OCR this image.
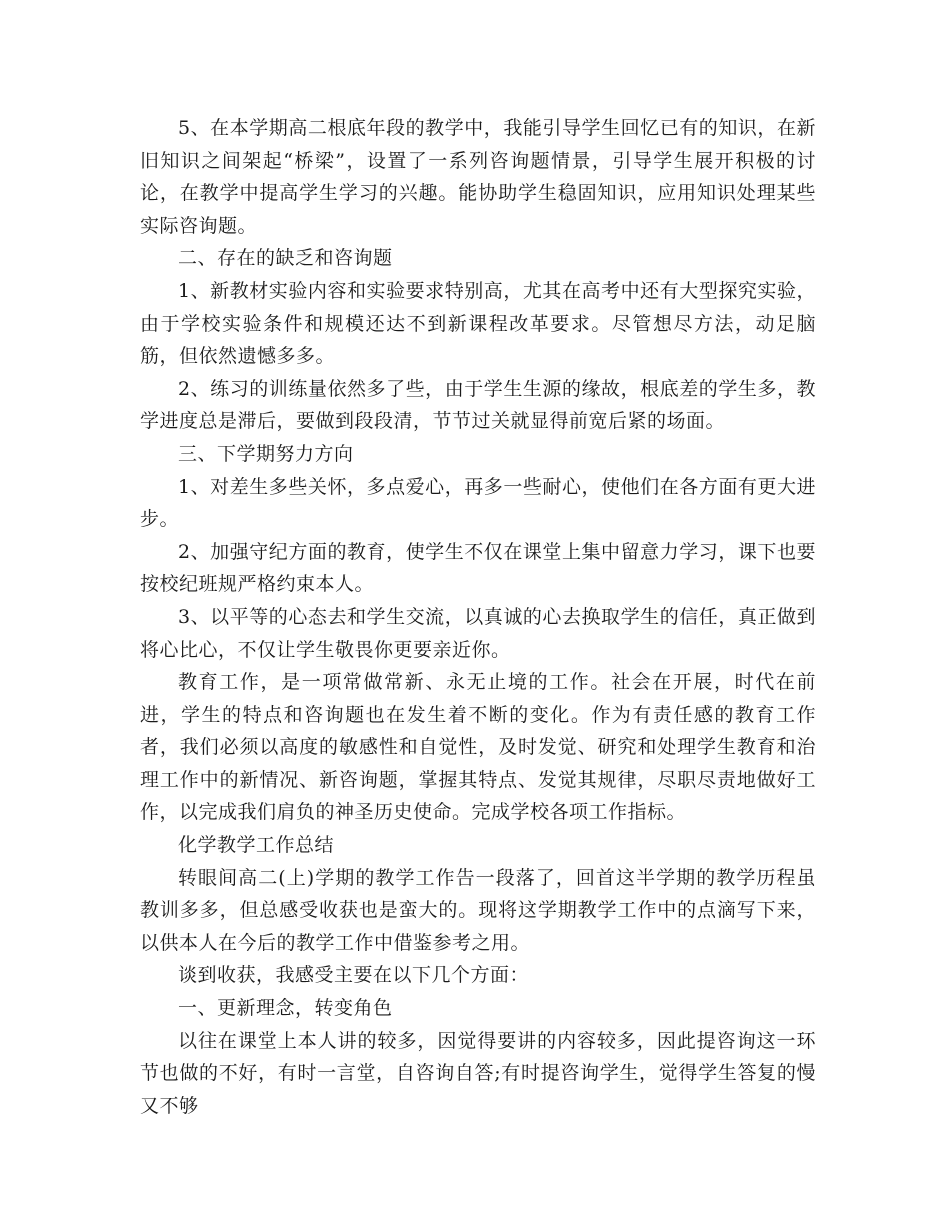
5、在本学期高二根底年段的教学中，我能引导学生回忆已有的知识，在新旧知识之间架起“桥梁”，设置了一系列咨询题情景，引导学生展开积极的讨论，在教学中提高学生学习的兴趣。能协助学生稳固知识，应用知识处理某些实际咨询题。

二、存在的缺乏和咨询题

1、新教材实验内容和实验要求特别高，尤其在高考中还有大型探究实验，由于学校实验条件和规模还达不到新课程改革要求。尽管想尽方法，动足脑筋，但依然遗憾多多。

2、练习的训练量依然多了些，由于学生生源的缘故，根底差的学生多，教学进度总是滞后，要做到段段清，节节过关就显得前宽后紧的场面。

三、下学期努力方向

1、对差生多些关怀，多点爱心，再多一些耐心，使他们在各方面有更大进步。

2、加强守纪方面的教育，使学生不仅在课堂上集中留意力学习，课下也要按校纪班规严格约束本人。

3、以平等的心态去和学生交流，以真诚的心去换取学生的信任，真正做到将心比心，不仅让学生敬畏你更要亲近你。

教育工作，是一项常做常新、永无止境的工作。社会在开展，时代在前进，学生的特点和咨询题也在发生着不断的变化。作为有责任感的教育工作者，我们必须以高度的敏感性和自觉性，及时发觉、研究和处理学生教育和治理工作中的新情况、新咨询题，掌握其特点、发觉其规律，尽职尽责地做好工作，以完成我们肩负的神圣历史使命。完成学校各项工作指标。

化学教学工作总结

转眼间高二(上)学期的教学工作告一段落了，回首这半学期的教学历程虽教训多多，但总感受收获也是蛮大的。现将这学期教学工作中的点滴写下来，以供本人在今后的教学工作中借鉴参考之用。

谈到收获，我感受主要在以下几个方面：

一、更新理念，转变角色

以往在课堂上本人讲的较多，因觉得要讲的内容较多，因此提咨询这一环节也做的不好，有时一言堂，自咨询自答;有时提咨询学生，觉得学生答复的慢又不够
